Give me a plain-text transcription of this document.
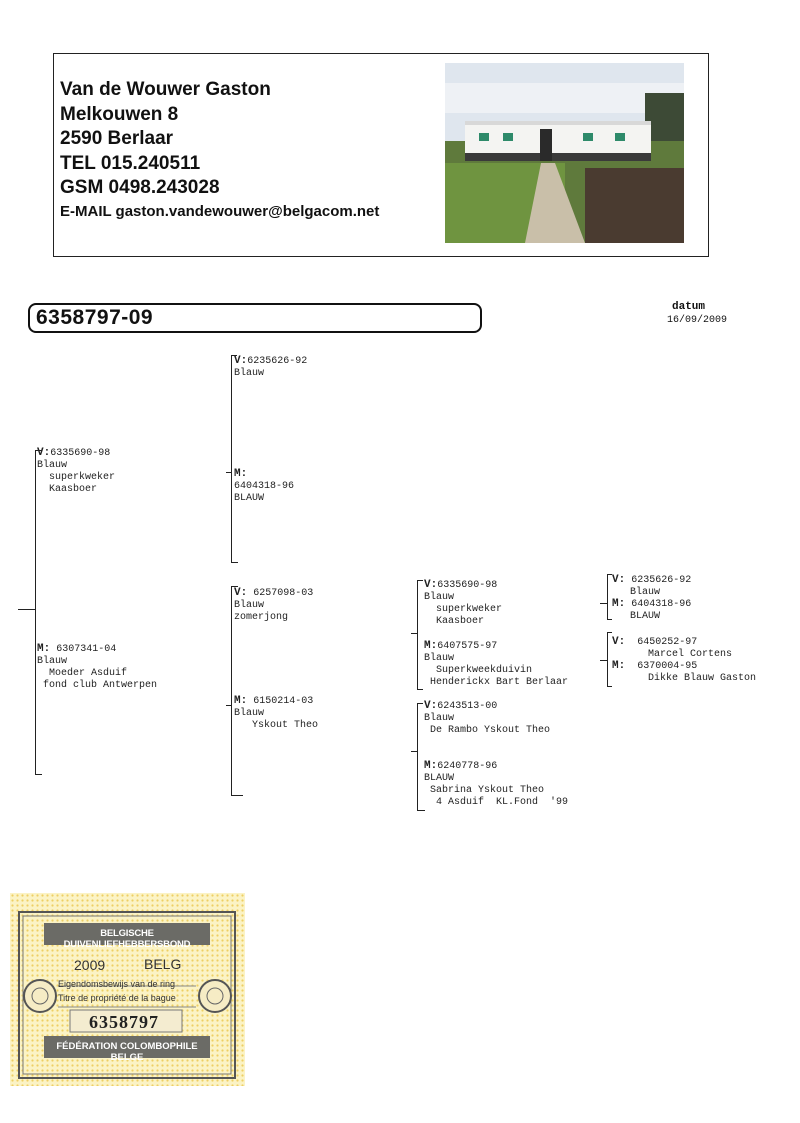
Van de Wouwer Gaston
Melkouwen 8
2590 Berlaar
TEL 015.240511
GSM 0498.243028
E-MAIL gaston.vandewouwer@belgacom.net
6358797-09	datum
16/09/2009
V:6335690-98
Blauw
superkweker
Kaasboer
M: 6307341-04
Blauw
Moeder Asduif
fond club Antwerpen
V:6235626-92
Blauw
M:
6404318-96
BLAUW
V: 6257098-03
Blauw
zomerjong
M: 6150214-03
Blauw
Yskout Theo
V:6335690-98
Blauw
superkweker
Kaasboer
M:6407575-97
Blauw
Superkweekduivin
Henderickx Bart Berlaar
V:6243513-00
Blauw
De Rambo Yskout Theo
M:6240778-96
BLAUW
Sabrina Yskout Theo
4 Asduif  KL.Fond  '99
V: 6235626-92
Blauw
M: 6404318-96
BLAUW
V: 6450252-97
Marcel Cortens
M: 6370004-95
Dikke Blauw Gaston
BELGISCHE DUIVENLIEFHEBBERSBOND
2009	BELG
Eigendomsbewijs van de ring
Titre de propriété de la bague
6358797
FÉDÉRATION COLOMBOPHILE BELGE
